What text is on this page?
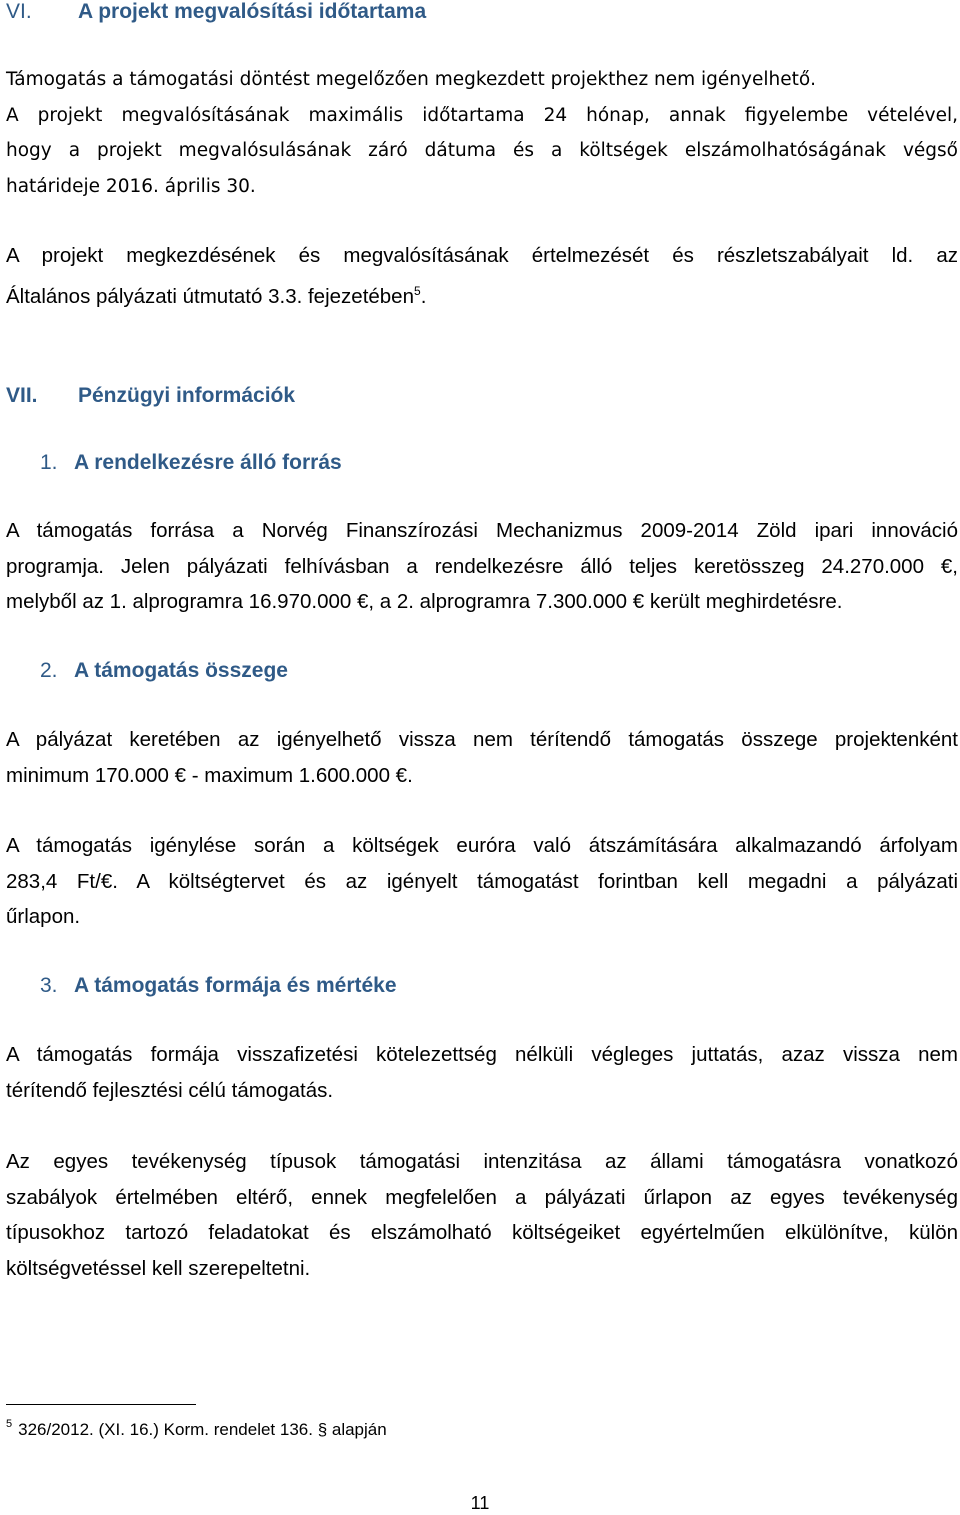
VI. A projekt megvalósítási időtartama
Támogatás a támogatási döntést megelőzően megkezdett projekthez nem igényelhető.
A projekt megvalósításának maximális időtartama 24 hónap, annak figyelembe vételével,
hogy a projekt megvalósulásának záró dátuma és a költségek elszámolhatóságának végső
határideje 2016. április 30.
A projekt megkezdésének és megvalósításának értelmezését és részletszabályait ld. az
Általános pályázati útmutató 3.3. fejezetében$^5$.
VII. Pénzügyi információk
1. A rendelkezésre álló forrás
A támogatás forrása a Norvég Finanszírozási Mechanizmus 2009-2014 Zöld ipari innováció
programja. Jelen pályázati felhívásban a rendelkezésre álló teljes keretösszeg 24.270.000 €,
melyből az 1. alprogramra 16.970.000 €, a 2. alprogramra 7.300.000 € került meghirdetésre.
2. A támogatás összege
A pályázat keretében az igényelhető vissza nem térítendő támogatás összege projektenként
minimum 170.000 € - maximum 1.600.000 €.
A támogatás igénylése során a költségek euróra való átszámítására alkalmazandó árfolyam
283,4 Ft/€. A költségtervet és az igényelt támogatást forintban kell megadni a pályázati
űrlapon.
3. A támogatás formája és mértéke
A támogatás formája visszafizetési kötelezettség nélküli végleges juttatás, azaz vissza nem
térítendő fejlesztési célú támogatás.
Az egyes tevékenység típusok támogatási intenzitása az állami támogatásra vonatkozó
szabályok értelmében eltérő, ennek megfelelően a pályázati űrlapon az egyes tevékenység
típusokhoz tartozó feladatokat és elszámolható költségeiket egyértelműen elkülönítve, külön
költségvetéssel kell szerepeltetni.
$^5$ 326/2012. (XI. 16.) Korm. rendelet 136. § alapján
11
